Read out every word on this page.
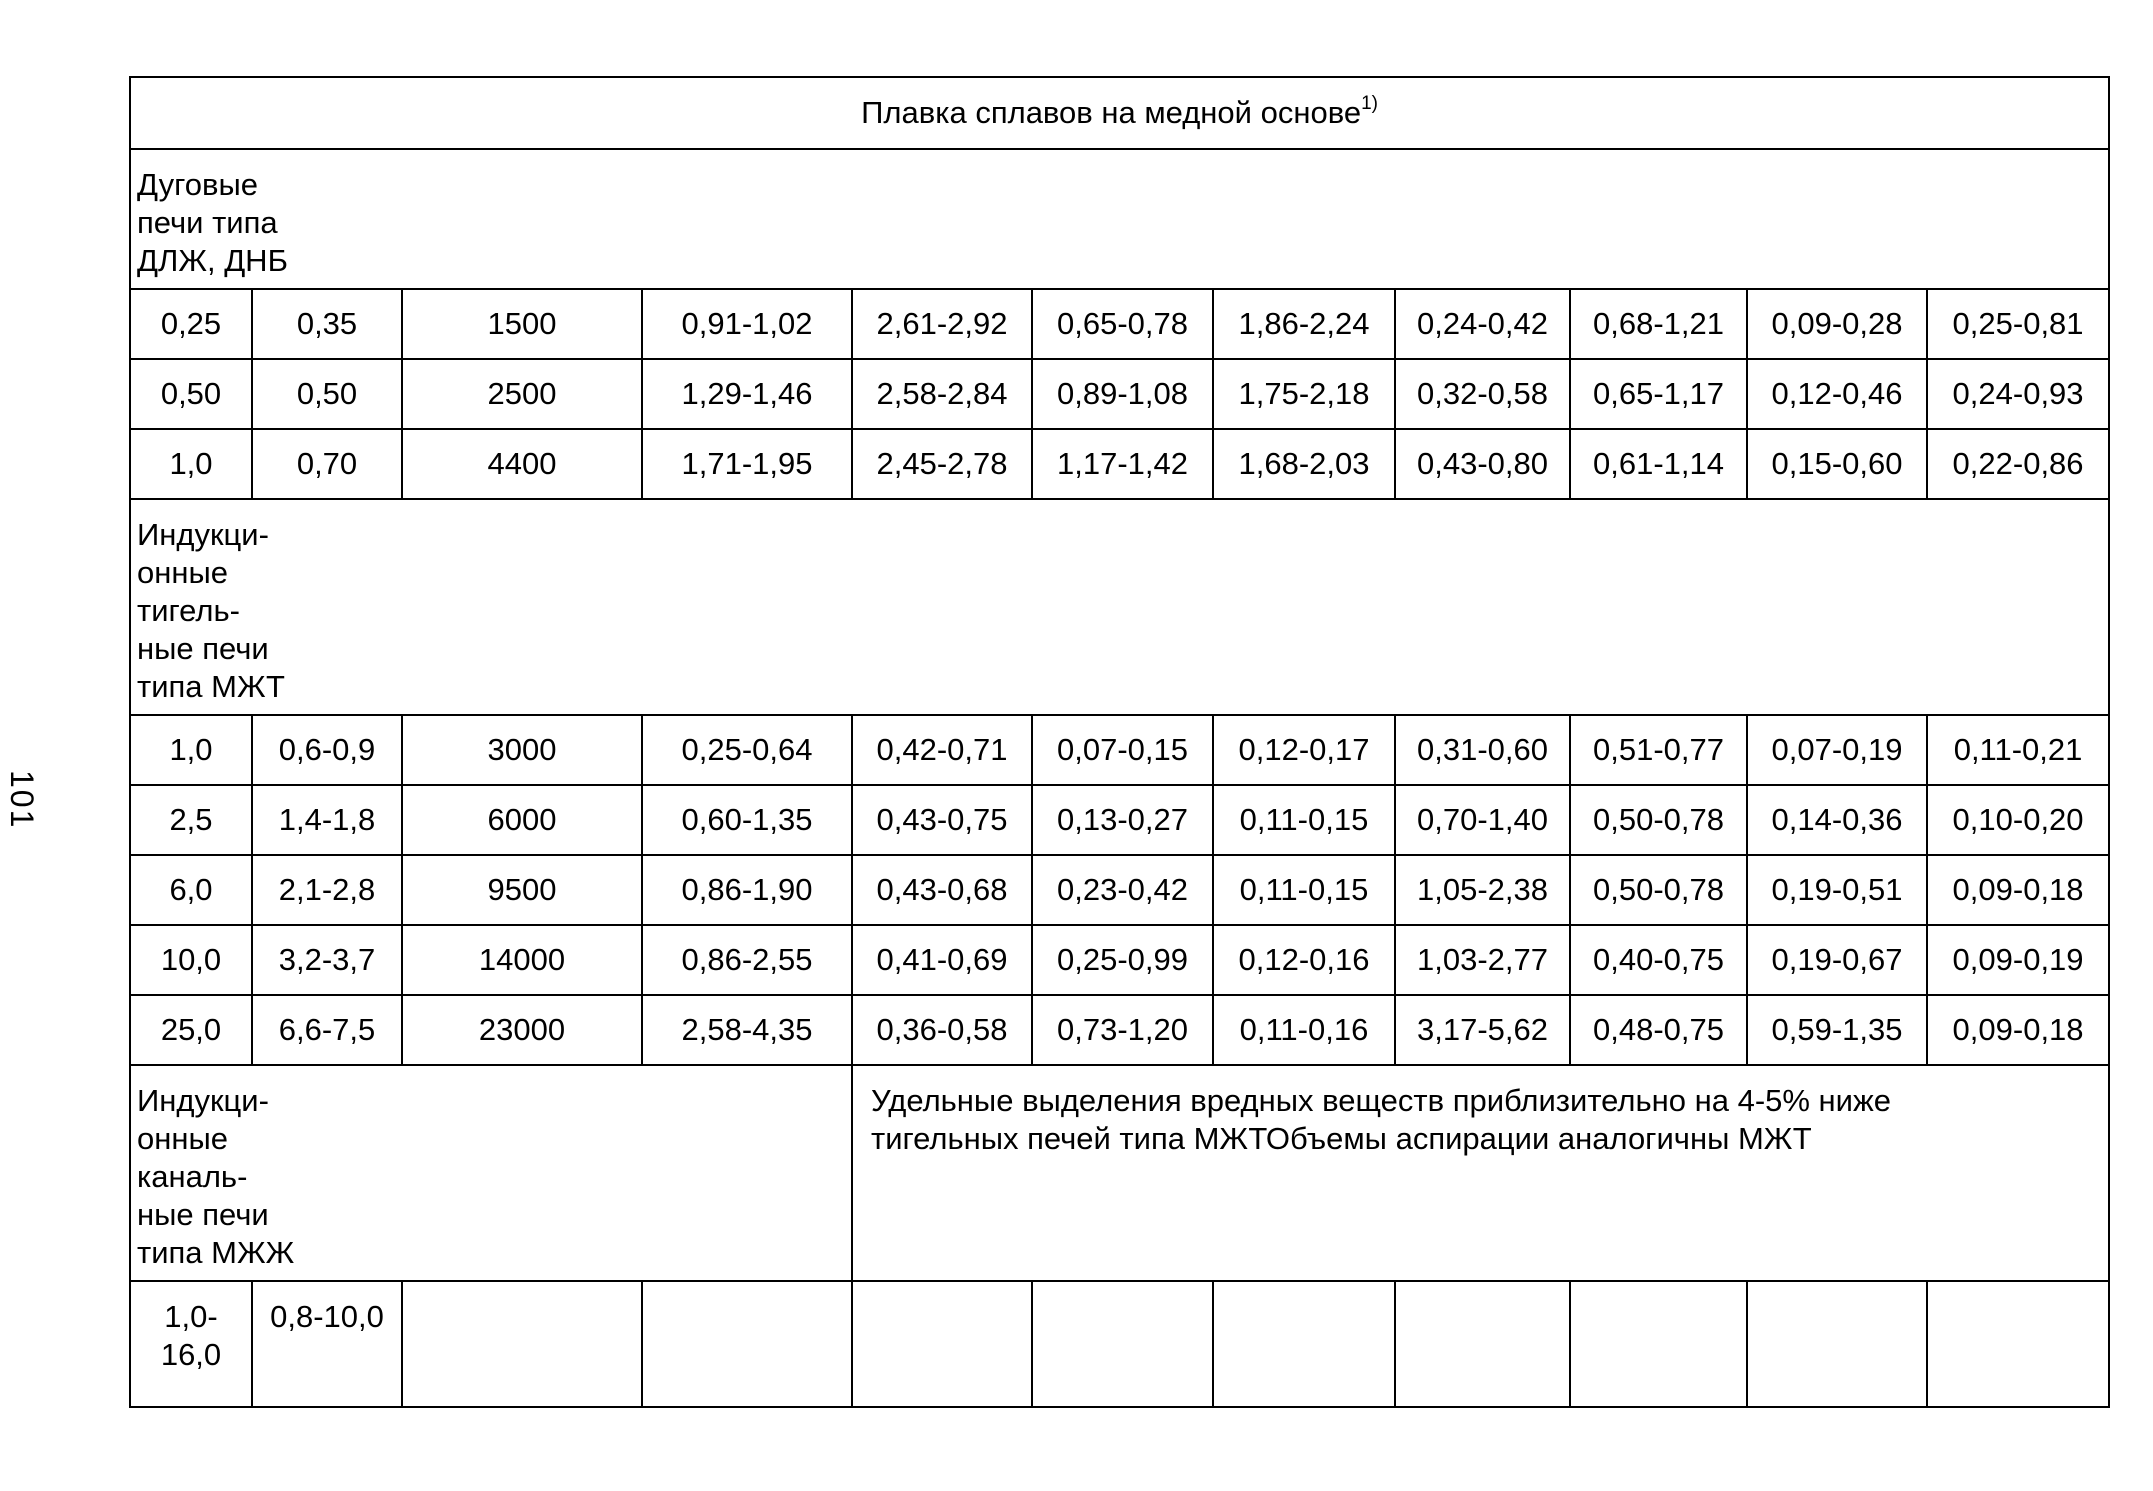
101
Плавка сплавов на медной основе$^{1)}$

Дуговые
печи типа
ДЛЖ, ДНБ										

0,25	0,35	1500	0,91-1,02	2,61-2,92	0,65-0,78	1,86-2,24	0,24-0,42	0,68-1,21	0,09-0,28	0,25-0,81
0,50	0,50	2500	1,29-1,46	2,58-2,84	0,89-1,08	1,75-2,18	0,32-0,58	0,65-1,17	0,12-0,46	0,24-0,93
1,0	0,70	4400	1,71-1,95	2,45-2,78	1,17-1,42	1,68-2,03	0,43-0,80	0,61-1,14	0,15-0,60	0,22-0,86

Индукци-
онные
тигель-
ные печи
типа МЖТ										

1,0	0,6-0,9	3000	0,25-0,64	0,42-0,71	0,07-0,15	0,12-0,17	0,31-0,60	0,51-0,77	0,07-0,19	0,11-0,21
2,5	1,4-1,8	6000	0,60-1,35	0,43-0,75	0,13-0,27	0,11-0,15	0,70-1,40	0,50-0,78	0,14-0,36	0,10-0,20
6,0	2,1-2,8	9500	0,86-1,90	0,43-0,68	0,23-0,42	0,11-0,15	1,05-2,38	0,50-0,78	0,19-0,51	0,09-0,18
10,0	3,2-3,7	14000	0,86-2,55	0,41-0,69	0,25-0,99	0,12-0,16	1,03-2,77	0,40-0,75	0,19-0,67	0,09-0,19
25,0	6,6-7,5	23000	2,58-4,35	0,36-0,58	0,73-1,20	0,11-0,16	3,17-5,62	0,48-0,75	0,59-1,35	0,09-0,18

Индукци-
онные
каналь-
ные печи
типа МЖЖ				Удельные выделения вредных веществ приблизительно на 4-5% ниже
тигельных печей типа МЖТОбъемы аспирации аналогичны МЖТ						

1,0-
16,0	0,8-10,0									
